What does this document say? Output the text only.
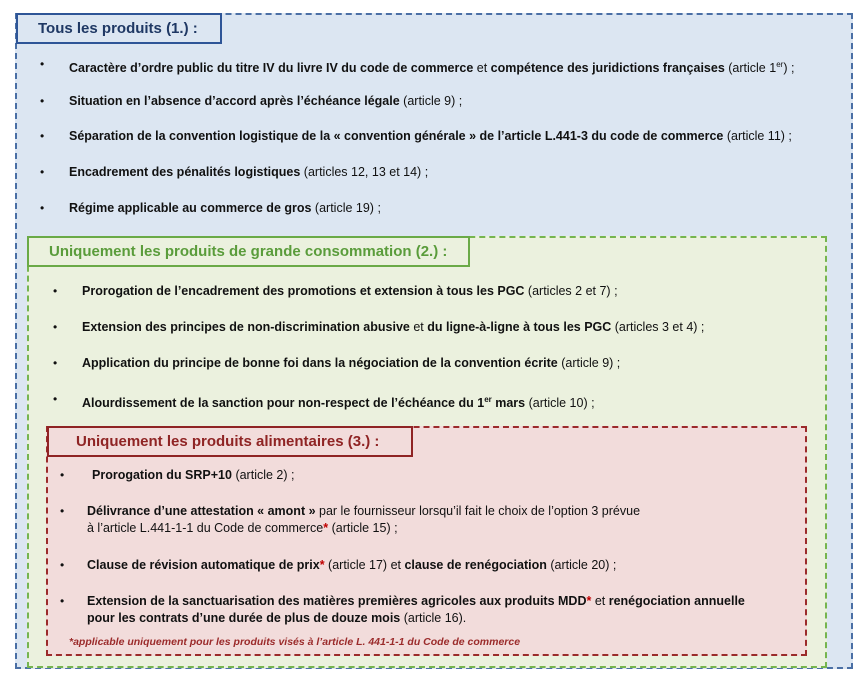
Tous les produits (1.) :
• Caractère d’ordre public du titre IV du livre IV du code de commerce et compétence des juridictions françaises (article 1er) ;
• Situation en l’absence d’accord après l’échéance légale (article 9) ;
• Séparation de la convention logistique de la « convention générale » de l’article L.441-3 du code de commerce (article 11) ;
• Encadrement des pénalités logistiques (articles 12, 13 et 14) ;
• Régime applicable au commerce de gros (article 19) ;
Uniquement les produits de grande consommation (2.) :
• Prorogation de l’encadrement des promotions et extension à tous les PGC (articles 2 et 7) ;
• Extension des principes de non-discrimination abusive et du ligne-à-ligne à tous les PGC (articles 3 et 4) ;
• Application du principe de bonne foi dans la négociation de la convention écrite (article 9) ;
• Alourdissement de la sanction pour non-respect de l’échéance du 1er mars (article 10) ;
Uniquement les produits alimentaires (3.) :
• Prorogation du SRP+10 (article 2) ;
• Délivrance d’une attestation « amont » par le fournisseur lorsqu’il fait le choix de l’option 3 prévue
à l’article L.441-1-1 du Code de commerce* (article 15) ;
• Clause de révision automatique de prix* (article 17) et clause de renégociation (article 20) ;
• Extension de la sanctuarisation des matières premières agricoles aux produits MDD* et renégociation annuelle
pour les contrats d’une durée de plus de douze mois (article 16).
*applicable uniquement pour les produits visés à l’article L. 441-1-1 du Code de commerce
